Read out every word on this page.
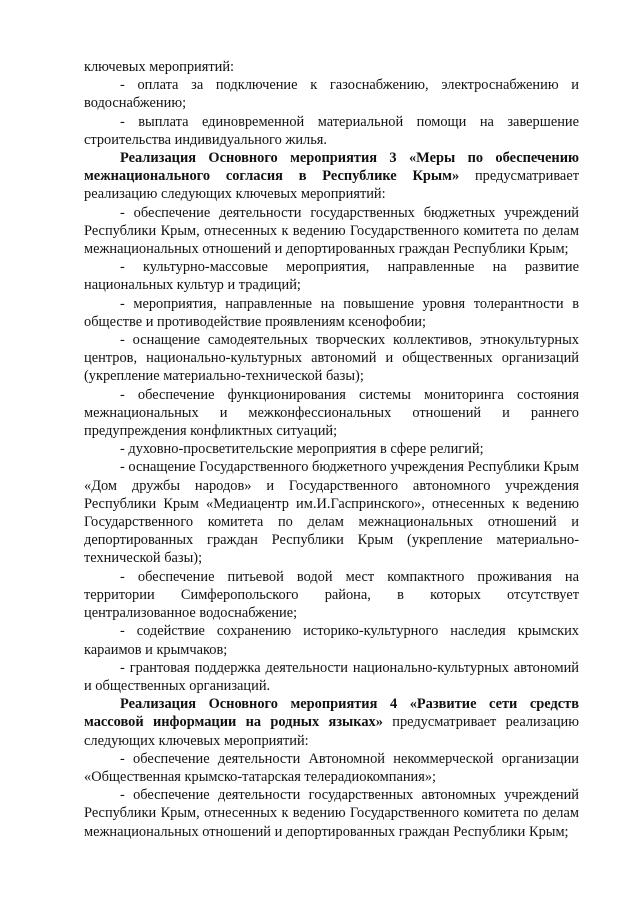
ключевых мероприятий:

- оплата за подключение к газоснабжению, электроснабжению и водоснабжению;

- выплата единовременной материальной помощи на завершение строительства индивидуального жилья.

Реализация Основного мероприятия 3 «Меры по обеспечению межнационального согласия в Республике Крым» предусматривает реализацию следующих ключевых мероприятий:

- обеспечение деятельности государственных бюджетных учреждений Республики Крым, отнесенных к ведению Государственного комитета по делам межнациональных отношений и депортированных граждан Республики Крым;

- культурно-массовые мероприятия, направленные на развитие национальных культур и традиций;

- мероприятия, направленные на повышение уровня толерантности в обществе и противодействие проявлениям ксенофобии;

- оснащение самодеятельных творческих коллективов, этнокультурных центров, национально-культурных автономий и общественных организаций (укрепление материально-технической базы);

- обеспечение функционирования системы мониторинга состояния межнациональных и межконфессиональных отношений и раннего предупреждения конфликтных ситуаций;

- духовно-просветительские мероприятия в сфере религий;

- оснащение Государственного бюджетного учреждения Республики Крым «Дом дружбы народов» и Государственного автономного учреждения Республики Крым «Медиацентр им.И.Гаспринского», отнесенных к ведению Государственного комитета по делам межнациональных отношений и депортированных граждан Республики Крым (укрепление материально-технической базы);

- обеспечение питьевой водой мест компактного проживания на территории Симферопольского района, в которых отсутствует централизованное водоснабжение;

- содействие сохранению историко-культурного наследия крымских караимов и крымчаков;

- грантовая поддержка деятельности национально-культурных автономий и общественных организаций.

Реализация Основного мероприятия 4 «Развитие сети средств массовой информации на родных языках» предусматривает реализацию следующих ключевых мероприятий:

- обеспечение деятельности Автономной некоммерческой организации «Общественная крымско-татарская телерадиокомпания»;

- обеспечение деятельности государственных автономных учреждений Республики Крым, отнесенных к ведению Государственного комитета по делам межнациональных отношений и депортированных граждан Республики Крым;
